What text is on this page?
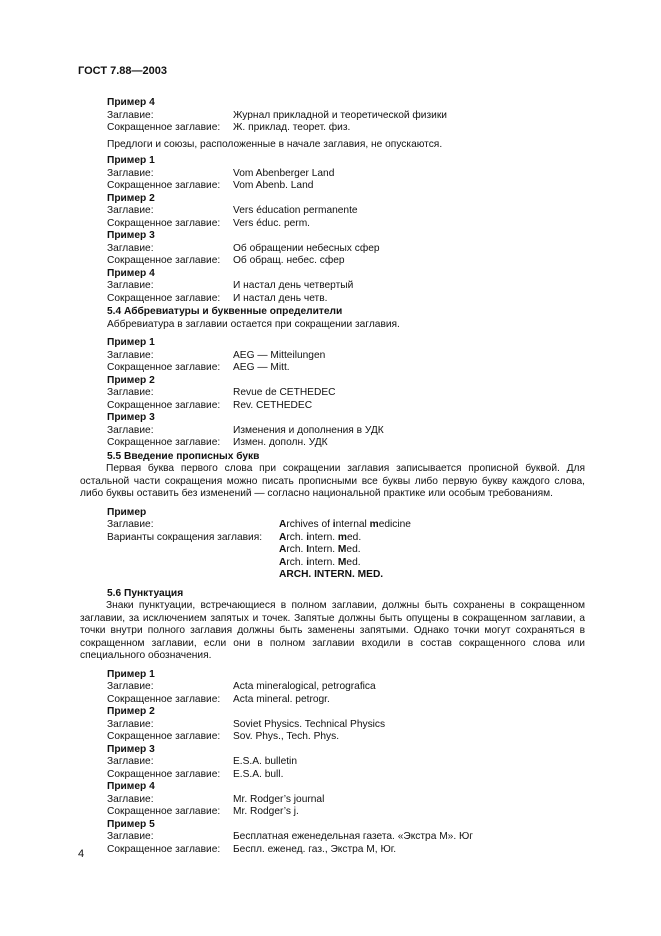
ГОСТ 7.88—2003
Пример 4
Заглавие:	Журнал прикладной и теоретической физики
Сокращенное заглавие:	Ж. приклад. теорет. физ.
Предлоги и союзы, расположенные в начале заглавия, не опускаются.
Пример 1
Заглавие:	Vom Abenberger Land
Сокращенное заглавие:	Vom Abenb. Land
Пример 2
Заглавие:	Vers éducation permanente
Сокращенное заглавие:	Vers éduc. perm.
Пример 3
Заглавие:	Об обращении небесных сфер
Сокращенное заглавие:	Об обращ. небес. сфер
Пример 4
Заглавие:	И настал день четвертый
Сокращенное заглавие:	И настал день четв.
5.4 Аббревиатуры и буквенные определители
Аббревиатура в заглавии остается при сокращении заглавия.
Пример 1
Заглавие:	AEG — Mitteilungen
Сокращенное заглавие:	AEG — Mitt.
Пример 2
Заглавие:	Revue de CETHEDEC
Сокращенное заглавие:	Rev. CETHEDEC
Пример 3
Заглавие:	Изменения и дополнения в УДК
Сокращенное заглавие:	Измен. дополн. УДК
5.5 Введение прописных букв
Первая буква первого слова при сокращении заглавия записывается прописной буквой. Для остальной части сокращения можно писать прописными все буквы либо первую букву каждого слова, либо буквы оставить без изменений — согласно национальной практике или особым требованиям.
Пример
Заглавие:	Archives of internal medicine
Варианты сокращения заглавия:	Arch. intern. med.
Arch. Intern. Med.
Arch. intern. Med.
ARCH. INTERN. MED.
5.6 Пунктуация
Знаки пунктуации, встречающиеся в полном заглавии, должны быть сохранены в сокращенном заглавии, за исключением запятых и точек. Запятые должны быть опущены в сокращенном заглавии, а точки внутри полного заглавия должны быть заменены запятыми. Однако точки могут сохраняться в сокращенном заглавии, если они в полном заглавии входили в состав сокращенного слова или специального обозначения.
Пример 1
Заглавие:	Acta mineralogical, petrografica
Сокращенное заглавие:	Acta mineral. petrogr.
Пример 2
Заглавие:	Soviet Physics. Technical Physics
Сокращенное заглавие:	Sov. Phys., Tech. Phys.
Пример 3
Заглавие:	E.S.A. bulletin
Сокращенное заглавие:	E.S.A. bull.
Пример 4
Заглавие:	Mr. Rodger’s journal
Сокращенное заглавие:	Mr. Rodger’s j.
Пример 5
Заглавие:	Бесплатная еженедельная газета. «Экстра М». Юг
Сокращенное заглавие:	Беспл. еженед. газ., Экстра М, Юг.
4
